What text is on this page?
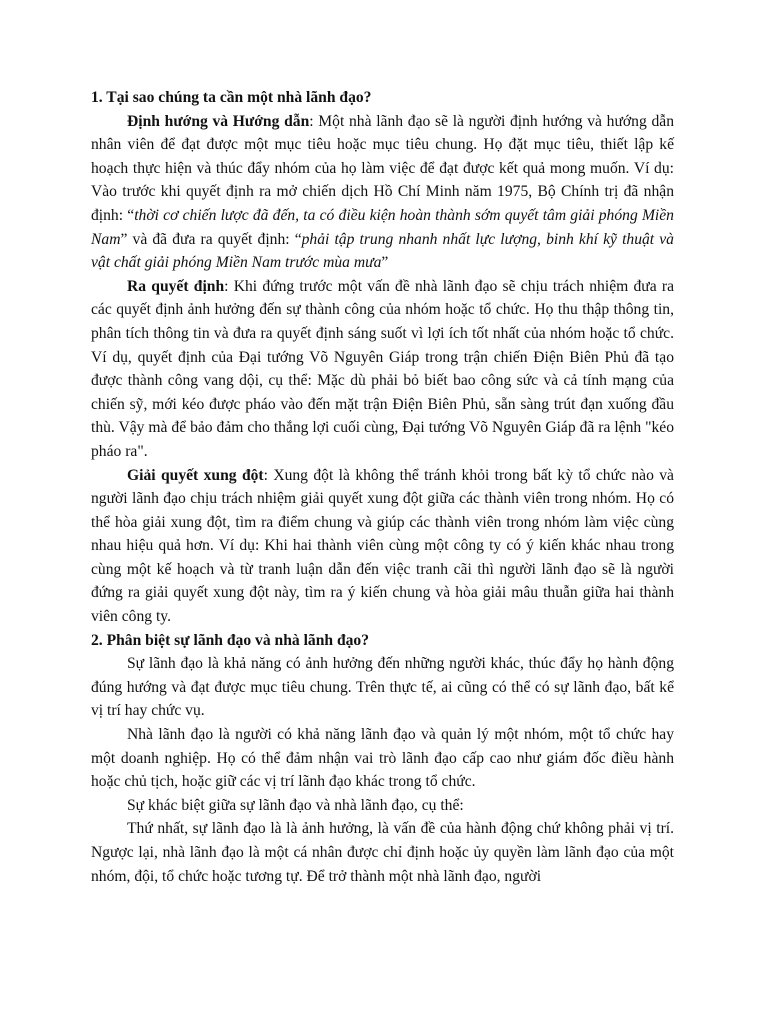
1. Tại sao chúng ta cần một nhà lãnh đạo?

Định hướng và Hướng dẫn: Một nhà lãnh đạo sẽ là người định hướng và hướng dẫn nhân viên để đạt được một mục tiêu hoặc mục tiêu chung. Họ đặt mục tiêu, thiết lập kế hoạch thực hiện và thúc đẩy nhóm của họ làm việc để đạt được kết quả mong muốn. Ví dụ: Vào trước khi quyết định ra mở chiến dịch Hồ Chí Minh năm 1975, Bộ Chính trị đã nhận định: “thời cơ chiến lược đã đến, ta có điều kiện hoàn thành sớm quyết tâm giải phóng Miền Nam” và đã đưa ra quyết định: “phải tập trung nhanh nhất lực lượng, binh khí kỹ thuật và vật chất giải phóng Miền Nam trước mùa mưa”

Ra quyết định: Khi đứng trước một vấn đề nhà lãnh đạo sẽ chịu trách nhiệm đưa ra các quyết định ảnh hưởng đến sự thành công của nhóm hoặc tổ chức. Họ thu thập thông tin, phân tích thông tin và đưa ra quyết định sáng suốt vì lợi ích tốt nhất của nhóm hoặc tổ chức. Ví dụ, quyết định của Đại tướng Võ Nguyên Giáp trong trận chiến Điện Biên Phủ đã tạo được thành công vang dội, cụ thể: Mặc dù phải bỏ biết bao công sức và cả tính mạng của chiến sỹ, mới kéo được pháo vào đến mặt trận Điện Biên Phủ, sẵn sàng trút đạn xuống đầu thù. Vậy mà để bảo đảm cho thắng lợi cuối cùng, Đại tướng Võ Nguyên Giáp đã ra lệnh "kéo pháo ra".

Giải quyết xung đột: Xung đột là không thể tránh khỏi trong bất kỳ tổ chức nào và người lãnh đạo chịu trách nhiệm giải quyết xung đột giữa các thành viên trong nhóm. Họ có thể hòa giải xung đột, tìm ra điểm chung và giúp các thành viên trong nhóm làm việc cùng nhau hiệu quả hơn. Ví dụ: Khi hai thành viên cùng một công ty có ý kiến khác nhau trong cùng một kế hoạch và từ tranh luận dẫn đến việc tranh cãi thì người lãnh đạo sẽ là người đứng ra giải quyết xung đột này, tìm ra ý kiến chung và hòa giải mâu thuẫn giữa hai thành viên công ty.

2. Phân biệt sự lãnh đạo và nhà lãnh đạo?

Sự lãnh đạo là khả năng có ảnh hưởng đến những người khác, thúc đẩy họ hành động đúng hướng và đạt được mục tiêu chung. Trên thực tế, ai cũng có thể có sự lãnh đạo, bất kể vị trí hay chức vụ.

Nhà lãnh đạo là người có khả năng lãnh đạo và quản lý một nhóm, một tổ chức hay một doanh nghiệp. Họ có thể đảm nhận vai trò lãnh đạo cấp cao như giám đốc điều hành hoặc chủ tịch, hoặc giữ các vị trí lãnh đạo khác trong tổ chức.

Sự khác biệt giữa sự lãnh đạo và nhà lãnh đạo, cụ thể:

Thứ nhất, sự lãnh đạo là là ảnh hưởng, là vấn đề của hành động chứ không phải vị trí. Ngược lại, nhà lãnh đạo là một cá nhân được chỉ định hoặc ủy quyền làm lãnh đạo của một nhóm, đội, tổ chức hoặc tương tự. Để trở thành một nhà lãnh đạo, người
